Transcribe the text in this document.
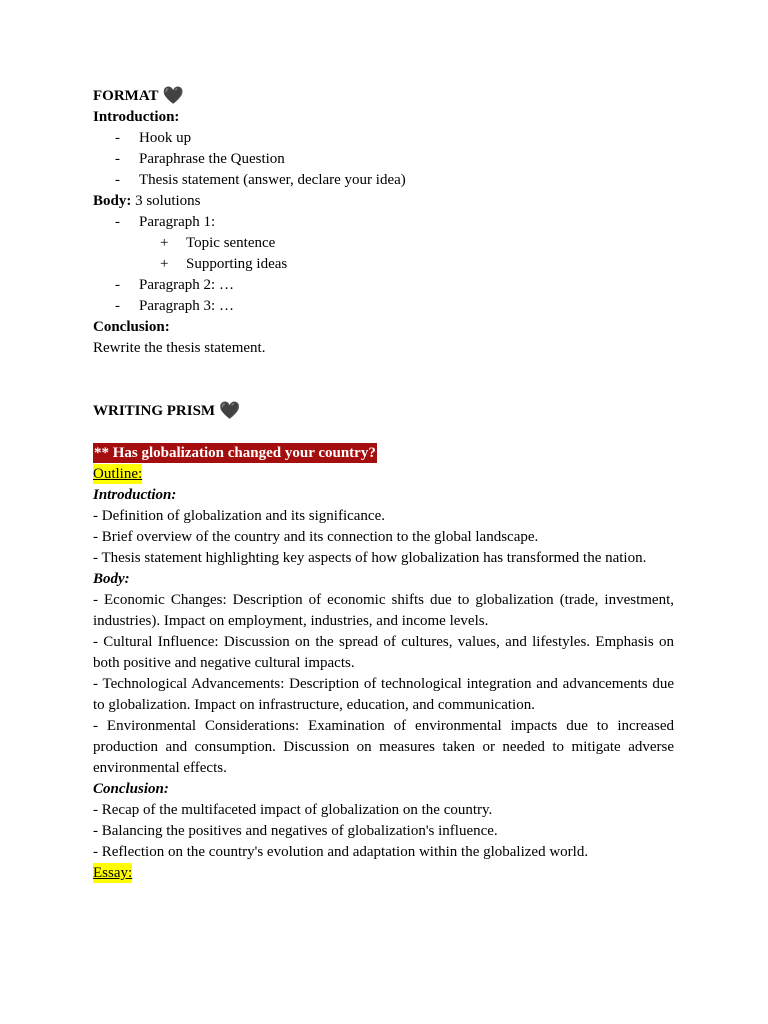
FORMAT 🖤
Introduction:
- Hook up
- Paraphrase the Question
- Thesis statement (answer, declare your idea)
Body: 3 solutions
- Paragraph 1:
+ Topic sentence
+ Supporting ideas
- Paragraph 2: …
- Paragraph 3: …
Conclusion:
Rewrite the thesis statement.
WRITING PRISM 🖤
** Has globalization changed your country?
Outline:
Introduction:
- Definition of globalization and its significance.
- Brief overview of the country and its connection to the global landscape.
- Thesis statement highlighting key aspects of how globalization has transformed the nation.
Body:
- Economic Changes: Description of economic shifts due to globalization (trade, investment, industries). Impact on employment, industries, and income levels.
- Cultural Influence: Discussion on the spread of cultures, values, and lifestyles. Emphasis on both positive and negative cultural impacts.
- Technological Advancements: Description of technological integration and advancements due to globalization. Impact on infrastructure, education, and communication.
- Environmental Considerations: Examination of environmental impacts due to increased production and consumption. Discussion on measures taken or needed to mitigate adverse environmental effects.
Conclusion:
- Recap of the multifaceted impact of globalization on the country.
- Balancing the positives and negatives of globalization's influence.
- Reflection on the country's evolution and adaptation within the globalized world.
Essay:
